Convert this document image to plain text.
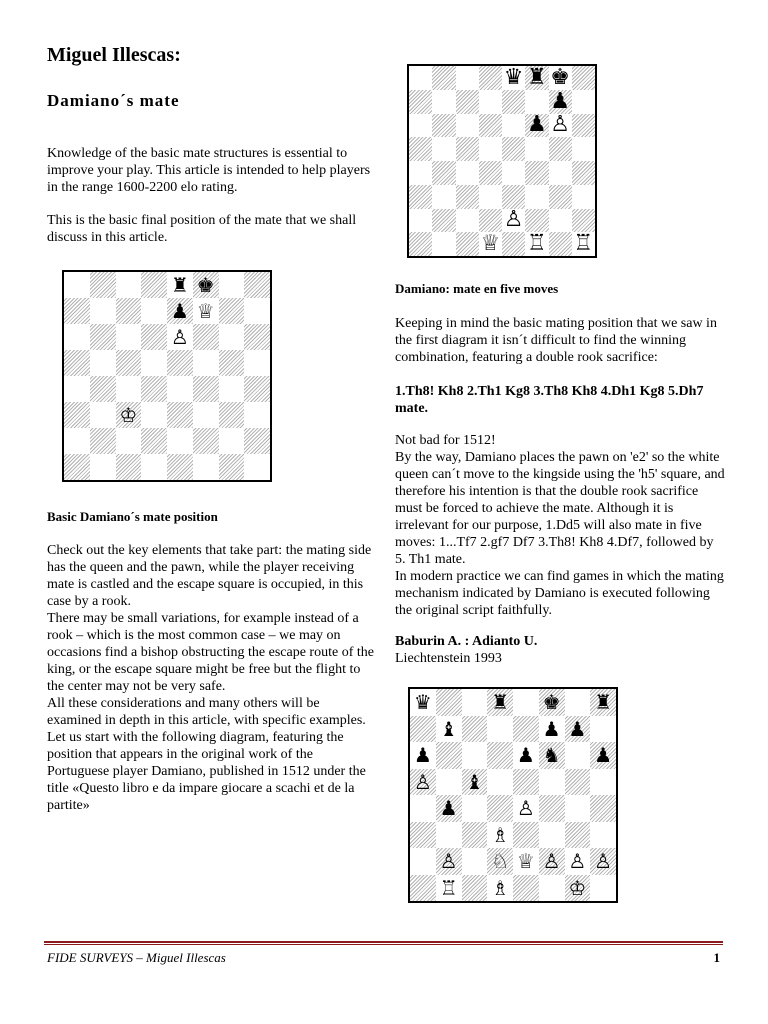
Miguel Illescas:
Damiano´s mate

Knowledge of the basic mate structures is essential to improve your play. This article is intended to help players in the range 1600-2200 elo rating.

This is the basic final position of the mate that we shall discuss in this article.

♜ ♚
♟ ♕
♙
♔

Basic Damiano´s mate position

Check out the key elements that take part: the mating side has the queen and the pawn, while the player receiving mate is castled and the escape square is occupied, in this case by a rook.
There may be small variations, for example instead of a rook – which is the most common case – we may on occasions find a bishop obstructing the escape route of the king, or the escape square might be free but the flight to the center may not be very safe.
All these considerations and many others will be examined in depth in this article, with specific examples.
Let us start with the following diagram, featuring the position that appears in the original work of the Portuguese player Damiano, published in 1512 under the title «Questo libro e da impare giocare a scachi et de la partite»

♛ ♜ ♚
♟
♟ ♙
♙
♕ ♖ ♖

Damiano: mate en five moves

Keeping in mind the basic mating position that we saw in the first diagram it isn´t difficult to find the winning combination, featuring a double rook sacrifice:

1.Th8! Kh8 2.Th1 Kg8 3.Th8 Kh8 4.Dh1 Kg8 5.Dh7 mate.

Not bad for 1512!
By the way, Damiano places the pawn on 'e2' so the white queen can´t move to the kingside using the 'h5' square, and therefore his intention is that the double rook sacrifice must be forced to achieve the mate. Although it is irrelevant for our purpose, 1.Dd5 will also mate in five moves: 1...Tf7 2.gf7 Df7 3.Th8! Kh8 4.Df7, followed by 5. Th1 mate.
In modern practice we can find games in which the mating mechanism indicated by Damiano is executed following the original script faithfully.

Baburin A. : Adianto U.

Liechtenstein 1993

♛	♜ ♚ ♜
♝	♟ ♟
♟	♟ ♞ ♟
♙ ♝
♟	♙
♗
♙ ♘ ♕ ♙ ♙ ♙
♖ ♗	♔

FIDE SURVEYS – Miguel Illescas	1
